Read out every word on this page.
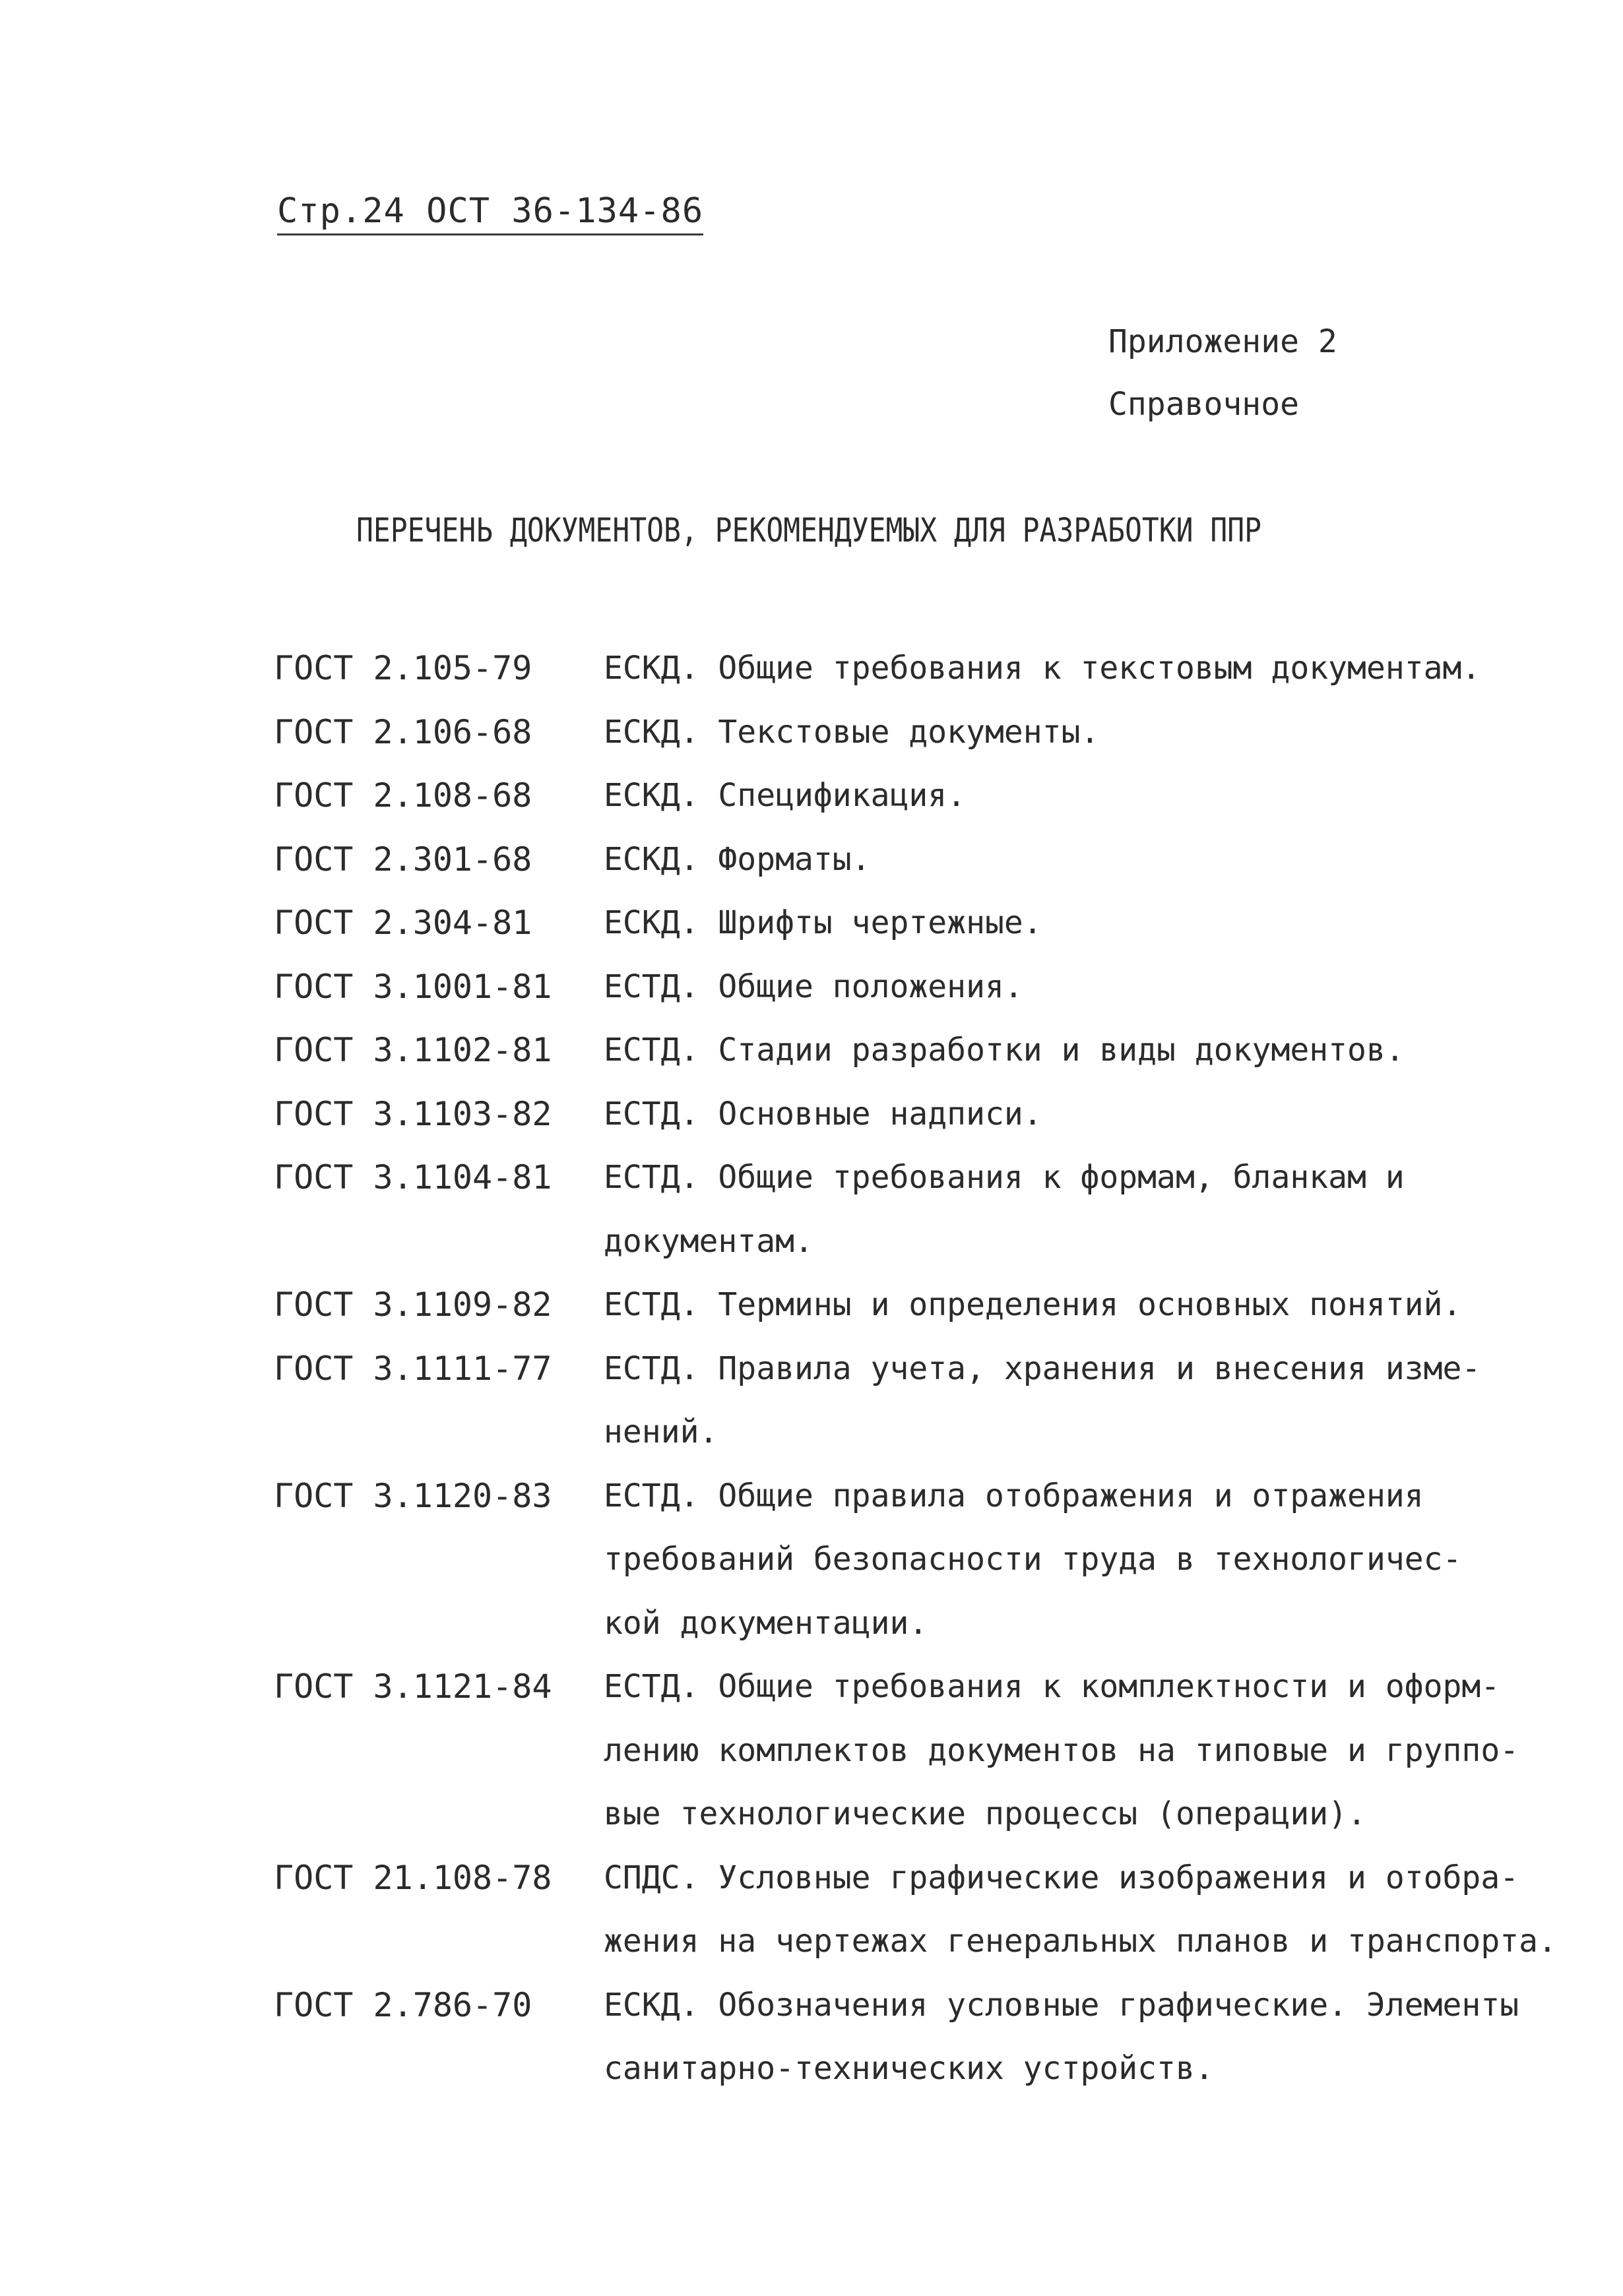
Стр.24 ОСТ 36-134-86
Приложение 2
Справочное
ПЕРЕЧЕНЬ ДОКУМЕНТОВ, РЕКОМЕНДУЕМЫХ ДЛЯ РАЗРАБОТКИ ППР
ГОСТ 2.105-79 ЕСКД. Общие требования к текстовым документам.
ГОСТ 2.106-68 ЕСКД. Текстовые документы.
ГОСТ 2.108-68 ЕСКД. Спецификация.
ГОСТ 2.301-68 ЕСКД. Форматы.
ГОСТ 2.304-81 ЕСКД. Шрифты чертежные.
ГОСТ 3.1001-81 ЕСТД. Общие положения.
ГОСТ 3.1102-81 ЕСТД. Стадии разработки и виды документов.
ГОСТ 3.1103-82 ЕСТД. Основные надписи.
ГОСТ 3.1104-81 ЕСТД. Общие требования к формам, бланкам и
документам.
ГОСТ 3.1109-82 ЕСТД. Термины и определения основных понятий.
ГОСТ 3.1111-77 ЕСТД. Правила учета, хранения и внесения изме-
нений.
ГОСТ 3.1120-83 ЕСТД. Общие правила отображения и отражения
требований безопасности труда в технологичес-
кой документации.
ГОСТ 3.1121-84 ЕСТД. Общие требования к комплектности и оформ-
лению комплектов документов на типовые и группо-
вые технологические процессы (операции).
ГОСТ 21.108-78 СПДС. Условные графические изображения и отобра-
жения на чертежах генеральных планов и транспорта.
ГОСТ 2.786-70 ЕСКД. Обозначения условные графические. Элементы
санитарно-технических устройств.
